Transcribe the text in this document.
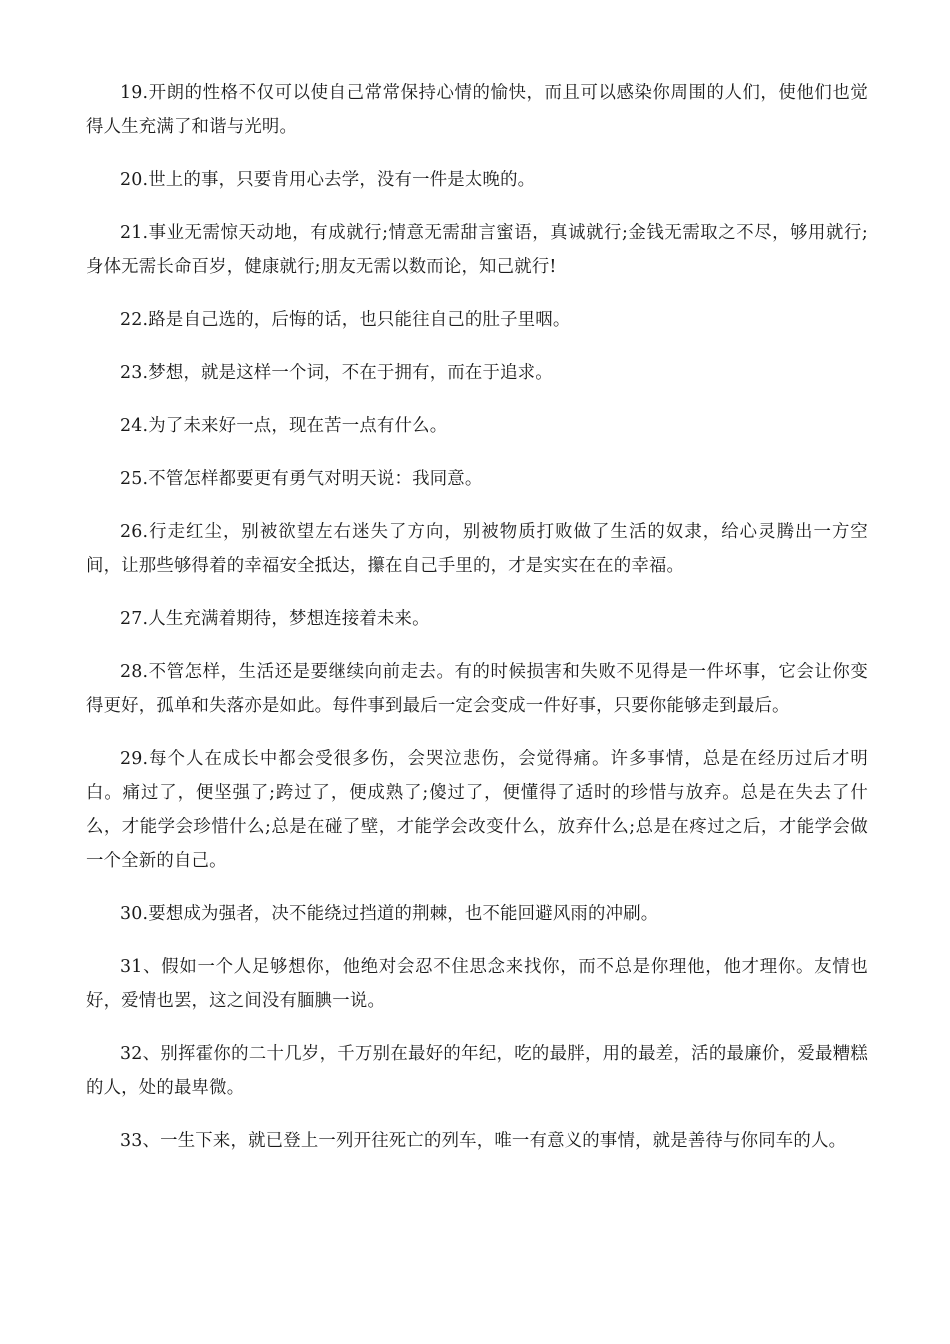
19.开朗的性格不仅可以使自己常常保持心情的愉快，而且可以感染你周围的人们，使他们也觉得人生充满了和谐与光明。

20.世上的事，只要肯用心去学，没有一件是太晚的。

21.事业无需惊天动地，有成就行;情意无需甜言蜜语，真诚就行;金钱无需取之不尽，够用就行;身体无需长命百岁，健康就行;朋友无需以数而论，知己就行!

22.路是自己选的，后悔的话，也只能往自己的肚子里咽。

23.梦想，就是这样一个词，不在于拥有，而在于追求。

24.为了未来好一点，现在苦一点有什么。

25.不管怎样都要更有勇气对明天说：我同意。

26.行走红尘，别被欲望左右迷失了方向，别被物质打败做了生活的奴隶，给心灵腾出一方空间，让那些够得着的幸福安全抵达，攥在自己手里的，才是实实在在的幸福。

27.人生充满着期待，梦想连接着未来。

28.不管怎样，生活还是要继续向前走去。有的时候损害和失败不见得是一件坏事，它会让你变得更好，孤单和失落亦是如此。每件事到最后一定会变成一件好事，只要你能够走到最后。

29.每个人在成长中都会受很多伤，会哭泣悲伤，会觉得痛。许多事情，总是在经历过后才明白。痛过了，便坚强了;跨过了，便成熟了;傻过了，便懂得了适时的珍惜与放弃。总是在失去了什么，才能学会珍惜什么;总是在碰了壁，才能学会改变什么，放弃什么;总是在疼过之后，才能学会做一个全新的自己。

30.要想成为强者，决不能绕过挡道的荆棘，也不能回避风雨的冲刷。

31、假如一个人足够想你，他绝对会忍不住思念来找你，而不总是你理他，他才理你。友情也好，爱情也罢，这之间没有腼腆一说。

32、别挥霍你的二十几岁，千万别在最好的年纪，吃的最胖，用的最差，活的最廉价，爱最糟糕的人，处的最卑微。

33、一生下来，就已登上一列开往死亡的列车，唯一有意义的事情，就是善待与你同车的人。
